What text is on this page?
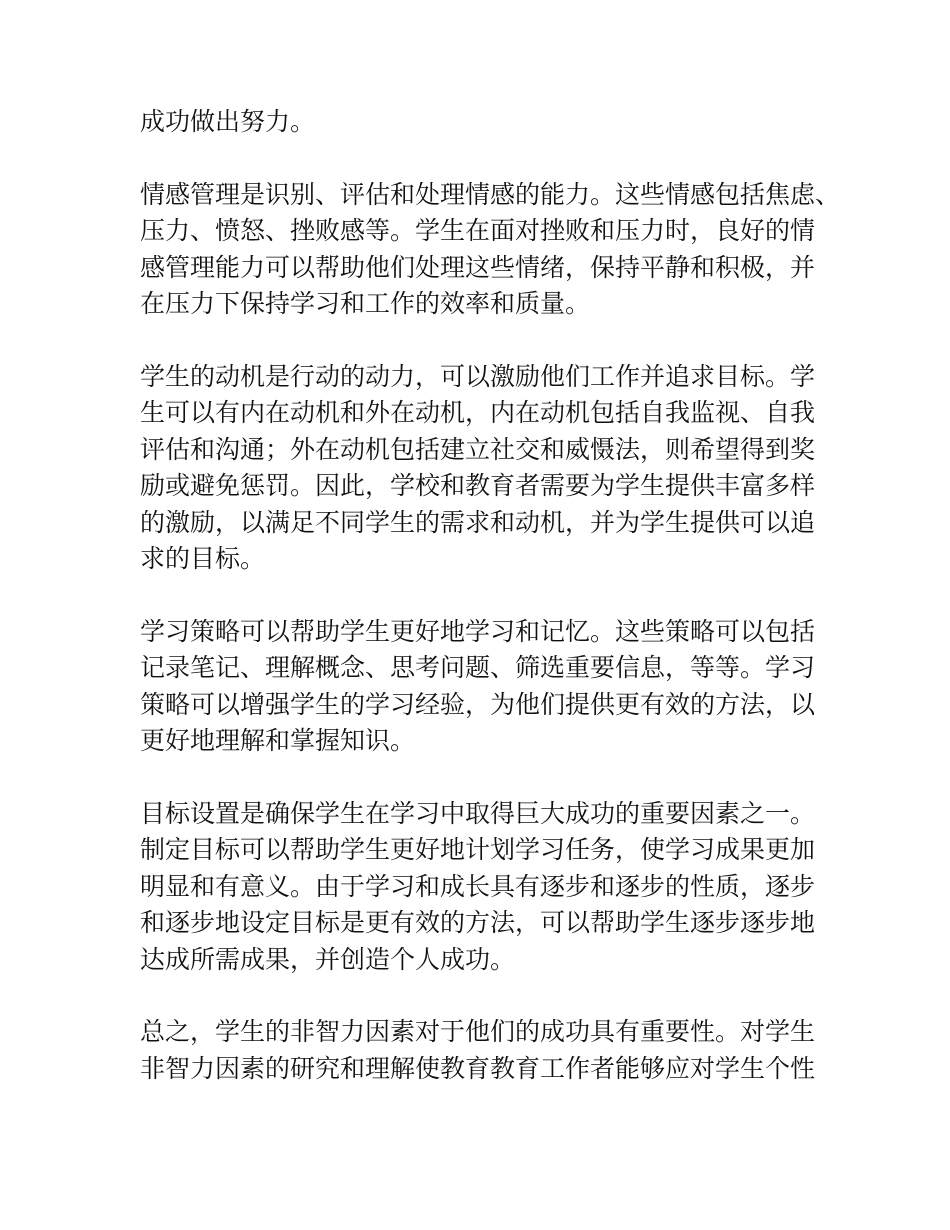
成功做出努力。

情感管理是识别、评估和处理情感的能力。这些情感包括焦虑、
压力、愤怒、挫败感等。学生在面对挫败和压力时，良好的情
感管理能力可以帮助他们处理这些情绪，保持平静和积极，并
在压力下保持学习和工作的效率和质量。

学生的动机是行动的动力，可以激励他们工作并追求目标。学
生可以有内在动机和外在动机，内在动机包括自我监视、自我
评估和沟通；外在动机包括建立社交和威慑法，则希望得到奖
励或避免惩罚。因此，学校和教育者需要为学生提供丰富多样
的激励，以满足不同学生的需求和动机，并为学生提供可以追
求的目标。

学习策略可以帮助学生更好地学习和记忆。这些策略可以包括
记录笔记、理解概念、思考问题、筛选重要信息，等等。学习
策略可以增强学生的学习经验，为他们提供更有效的方法，以
更好地理解和掌握知识。

目标设置是确保学生在学习中取得巨大成功的重要因素之一。
制定目标可以帮助学生更好地计划学习任务，使学习成果更加
明显和有意义。由于学习和成长具有逐步和逐步的性质，逐步
和逐步地设定目标是更有效的方法，可以帮助学生逐步逐步地
达成所需成果，并创造个人成功。

总之，学生的非智力因素对于他们的成功具有重要性。对学生
非智力因素的研究和理解使教育教育工作者能够应对学生个性
